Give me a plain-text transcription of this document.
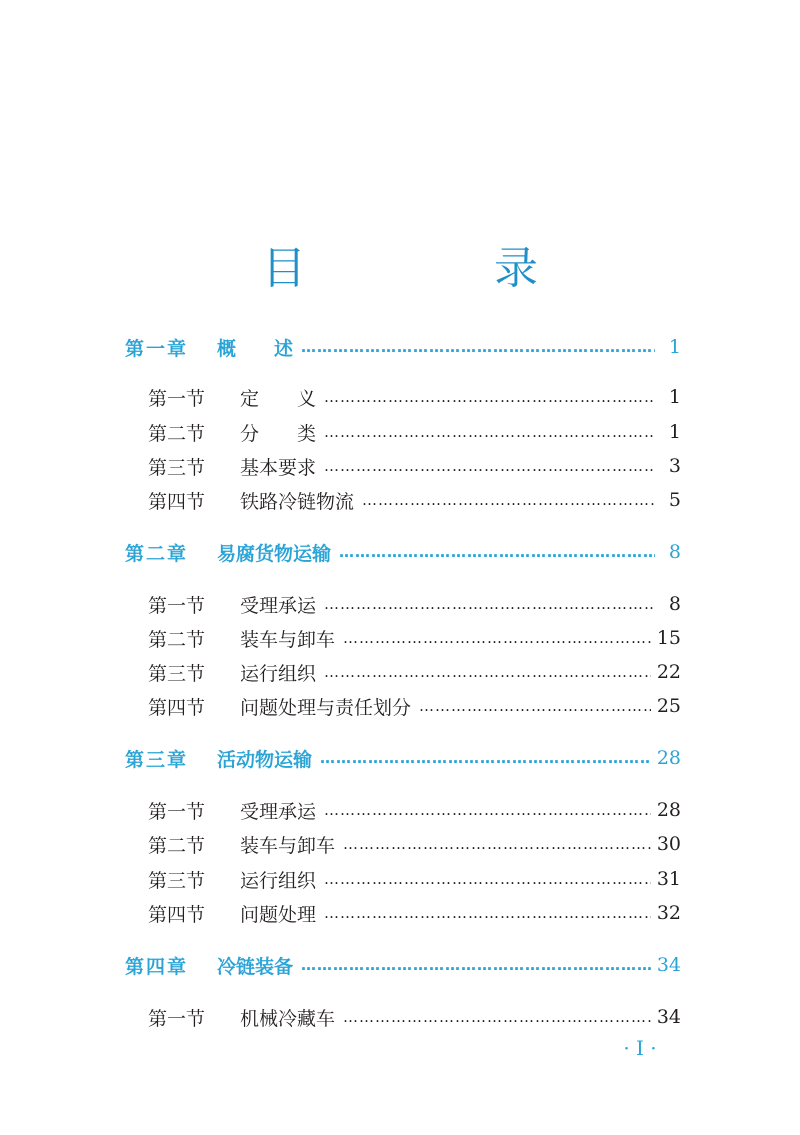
目　录
第一章	概　　述 …………………………………………………………………………………………………………………………	1
第一节	定　　义 …………………………………………………………………………………………………………………………	1
第二节	分　　类 …………………………………………………………………………………………………………………………	1
第三节	基本要求 …………………………………………………………………………………………………………………………	3
第四节	铁路冷链物流 …………………………………………………………………………………………………………………………	5
第二章	易腐货物运输 …………………………………………………………………………………………………………………………	8
第一节	受理承运 …………………………………………………………………………………………………………………………	8
第二节	装车与卸车 …………………………………………………………………………………………………………………………	15
第三节	运行组织 …………………………………………………………………………………………………………………………	22
第四节	问题处理与责任划分 …………………………………………………………………………………………………………………………	25
第三章	活动物运输 …………………………………………………………………………………………………………………………	28
第一节	受理承运 …………………………………………………………………………………………………………………………	28
第二节	装车与卸车 …………………………………………………………………………………………………………………………	30
第三节	运行组织 …………………………………………………………………………………………………………………………	31
第四节	问题处理 …………………………………………………………………………………………………………………………	32
第四章	冷链装备 …………………………………………………………………………………………………………………………	34
第一节	机械冷藏车 …………………………………………………………………………………………………………………………	34
· I ·
